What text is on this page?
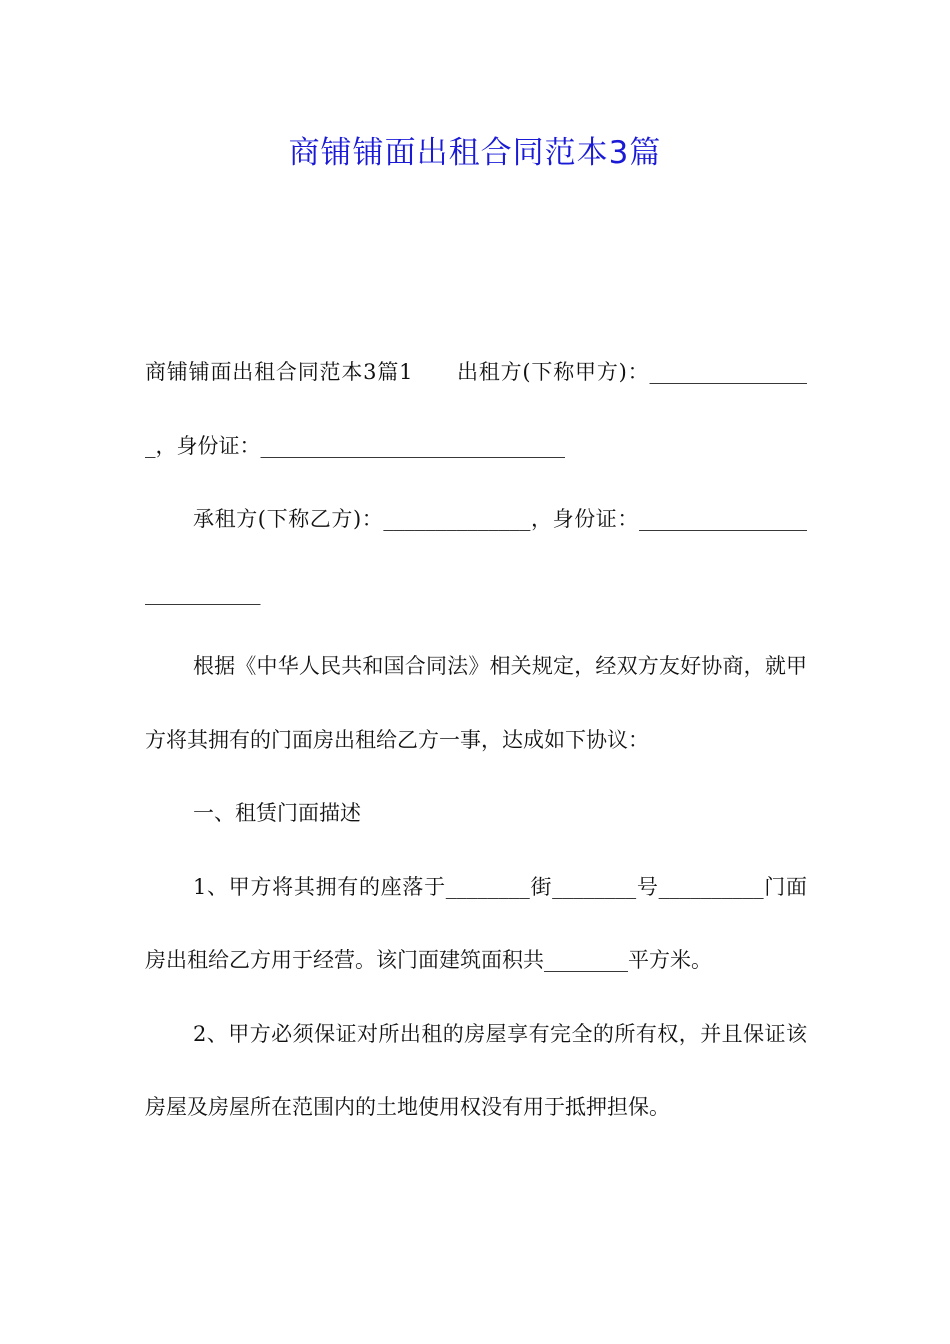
商铺铺面出租合同范本3篇

商铺铺面出租合同范本3篇1　　出租方(下称甲方)：________________，身份证：_____________________________

承租方(下称乙方)：______________，身份证：___________________________

根据《中华人民共和国合同法》相关规定，经双方友好协商，就甲方将其拥有的门面房出租给乙方一事，达成如下协议：

一、租赁门面描述

1、甲方将其拥有的座落于________街________号__________门面房出租给乙方用于经营。该门面建筑面积共________平方米。

2、甲方必须保证对所出租的房屋享有完全的所有权，并且保证该房屋及房屋所在范围内的土地使用权没有用于抵押担保。
